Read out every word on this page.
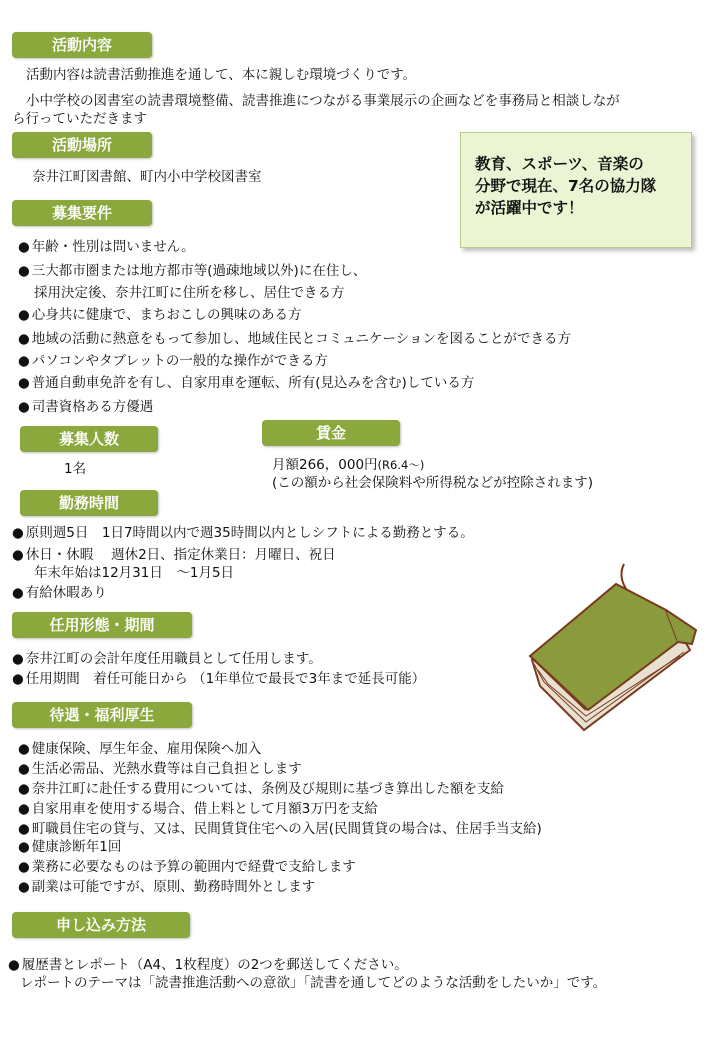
活動内容
活動内容は読書活動推進を通して、本に親しむ環境づくりです。
小中学校の図書室の読書環境整備、読書推進につながる事業展示の企画などを事務局と相談しなが
ら行っていただきます
活動場所
奈井江町図書館、町内小中学校図書室
教育、スポーツ、音楽の
分野で現在、7名の協力隊
が活躍中です！
募集要件
● 年齢・性別は問いません。
● 三大都市圏または地方都市等(過疎地域以外)に在住し、
採用決定後、奈井江町に住所を移し、居住できる方
● 心身共に健康で、まちおこしの興味のある方
● 地域の活動に熱意をもって参加し、地域住民とコミュニケーションを図ることができる方
● パソコンやタブレットの一般的な操作ができる方
● 普通自動車免許を有し、自家用車を運転、所有(見込みを含む)している方
● 司書資格ある方優遇
募集人数
1名
賃金
月額266，000円(R6.4～)
(この額から社会保険料や所得税などが控除されます)
勤務時間
● 原則週5日　1日7時間以内で週35時間以内としシフトによる勤務とする。
● 休日・休暇　 週休2日、指定休業日：月曜日、祝日
年末年始は12月31日　～1月5日
● 有給休暇あり
任用形態・期間
● 奈井江町の会計年度任用職員として任用します。
● 任用期間　着任可能日から （1年単位で最長で3年まで延長可能）
待遇・福利厚生
● 健康保険、厚生年金、雇用保険へ加入
● 生活必需品、光熱水費等は自己負担とします
● 奈井江町に赴任する費用については、条例及び規則に基づき算出した額を支給
● 自家用車を使用する場合、借上料として月額3万円を支給
● 町職員住宅の貸与、又は、民間賃貸住宅への入居(民間賃貸の場合は、住居手当支給)
● 健康診断年1回
● 業務に必要なものは予算の範囲内で経費で支給します
● 副業は可能ですが、原則、勤務時間外とします
申し込み方法
● 履歴書とレポート（A4、1枚程度）の2つを郵送してください。
レポートのテーマは「読書推進活動への意欲」「読書を通してどのような活動をしたいか」です。
